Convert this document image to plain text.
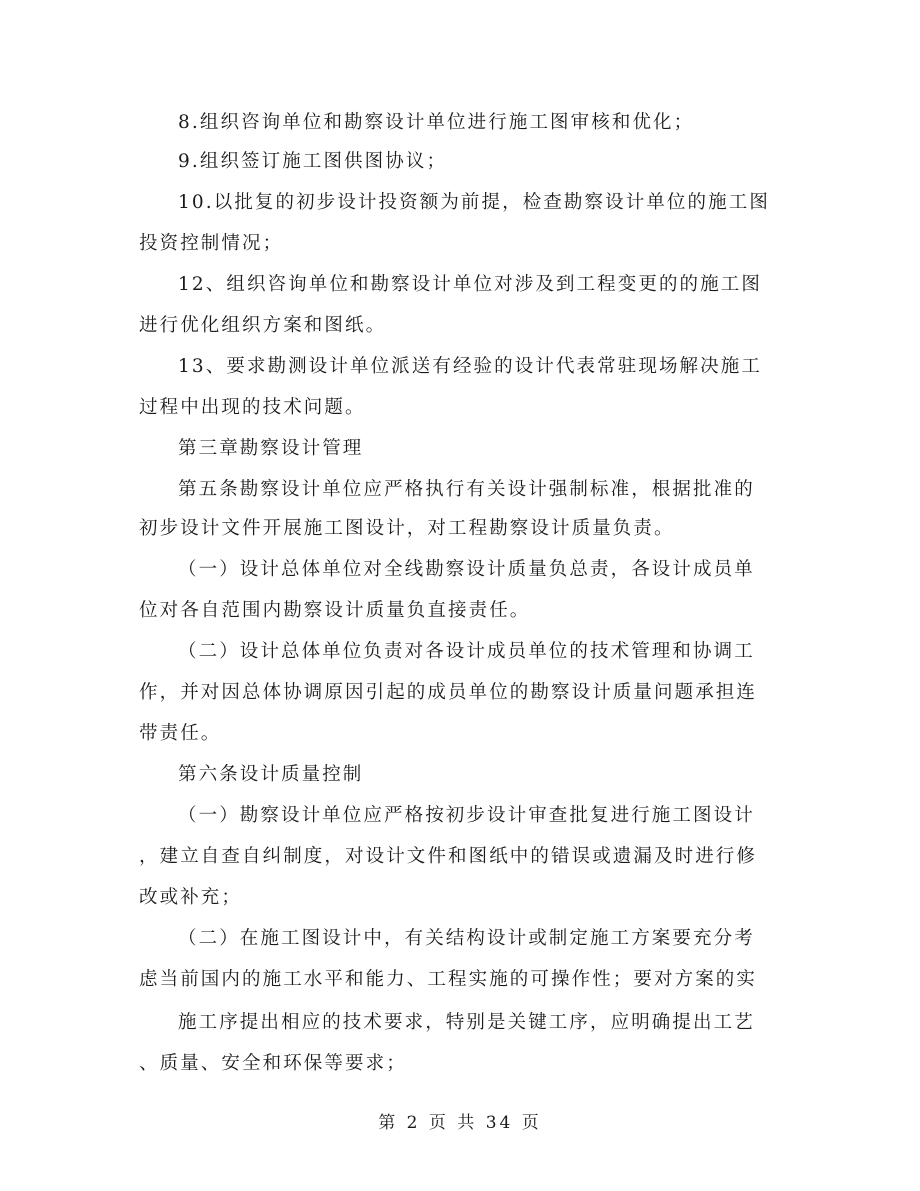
8.组织咨询单位和勘察设计单位进行施工图审核和优化；
9.组织签订施工图供图协议；
10.以批复的初步设计投资额为前提，检查勘察设计单位的施工图
投资控制情况；
12、组织咨询单位和勘察设计单位对涉及到工程变更的的施工图
进行优化组织方案和图纸。
13、要求勘测设计单位派送有经验的设计代表常驻现场解决施工
过程中出现的技术问题。
第三章勘察设计管理
第五条勘察设计单位应严格执行有关设计强制标准，根据批准的
初步设计文件开展施工图设计，对工程勘察设计质量负责。
（一）设计总体单位对全线勘察设计质量负总责，各设计成员单
位对各自范围内勘察设计质量负直接责任。
（二）设计总体单位负责对各设计成员单位的技术管理和协调工
作，并对因总体协调原因引起的成员单位的勘察设计质量问题承担连
带责任。
第六条设计质量控制
（一）勘察设计单位应严格按初步设计审查批复进行施工图设计
，建立自查自纠制度，对设计文件和图纸中的错误或遗漏及时进行修
改或补充；
（二）在施工图设计中，有关结构设计或制定施工方案要充分考
虑当前国内的施工水平和能力、工程实施的可操作性；要对方案的实
施工序提出相应的技术要求，特别是关键工序，应明确提出工艺
、质量、安全和环保等要求；
第 2 页 共 34 页
